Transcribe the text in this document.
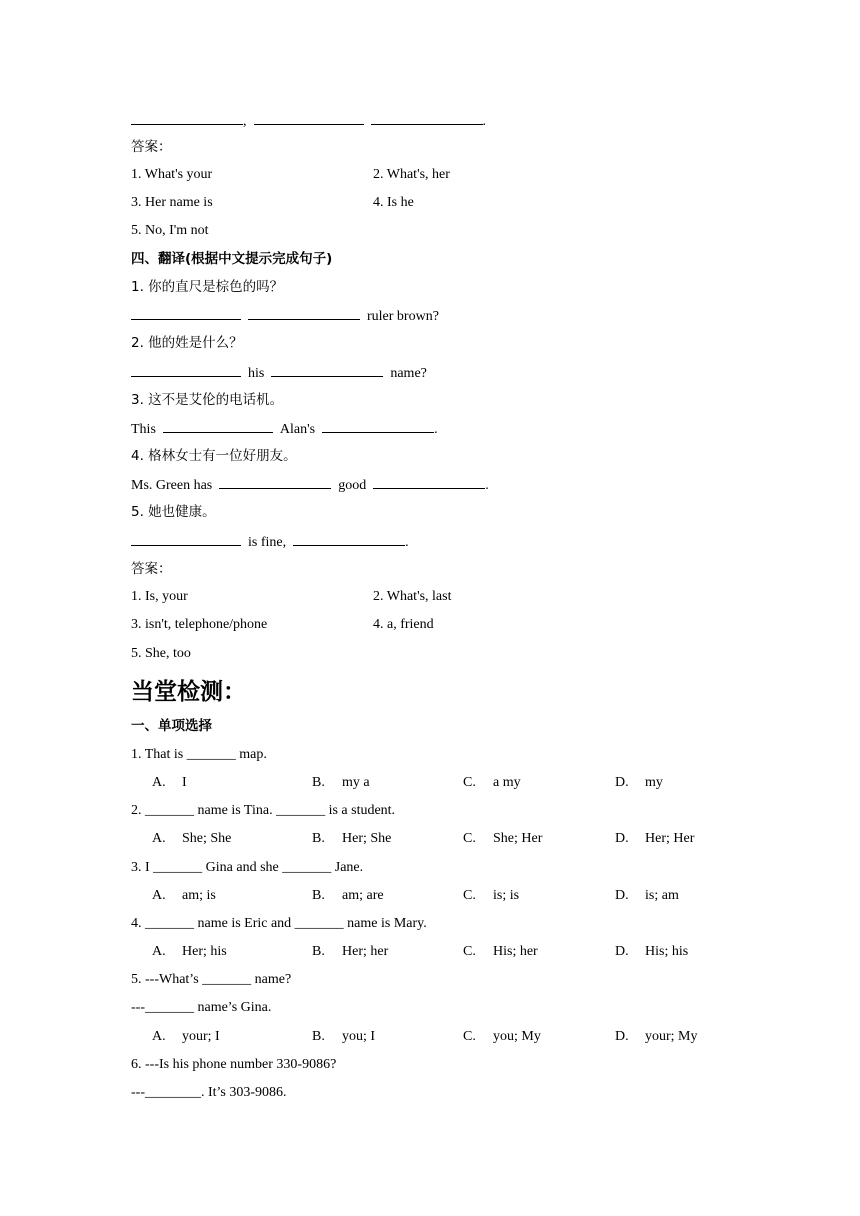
,	.
答案：
1. What's your	2. What's, her
3. Her name is	4. Is he
5. No, I'm not
四、翻译(根据中文提示完成句子)
1. 你的直尺是棕色的吗？
ruler brown?
2. 他的姓是什么？
his	name?
3. 这不是艾伦的电话机。
This	Alan's	.
4. 格林女士有一位好朋友。
Ms. Green has	good	.
5. 她也健康。
is fine,	.
答案：
1. Is, your	2. What's, last
3. isn't, telephone/phone	4. a, friend
5. She, too
当堂检测：
一、单项选择
1. That is _______ map.
A. I	B. my a	C. a my	D. my
2. _______ name is Tina. _______ is a student.
A. She; She	B. Her; She	C. She; Her	D. Her; Her
3. I _______ Gina and she _______ Jane.
A. am; is	B. am; are	C. is; is	D. is; am
4. _______ name is Eric and _______ name is Mary.
A. Her; his	B. Her; her	C. His; her	D. His; his
5. ---What’s _______ name?
---_______ name’s Gina.
A. your; I	B. you; I	C. you; My	D. your; My
6. ---Is his phone number 330-9086?
---________. It’s 303-9086.
